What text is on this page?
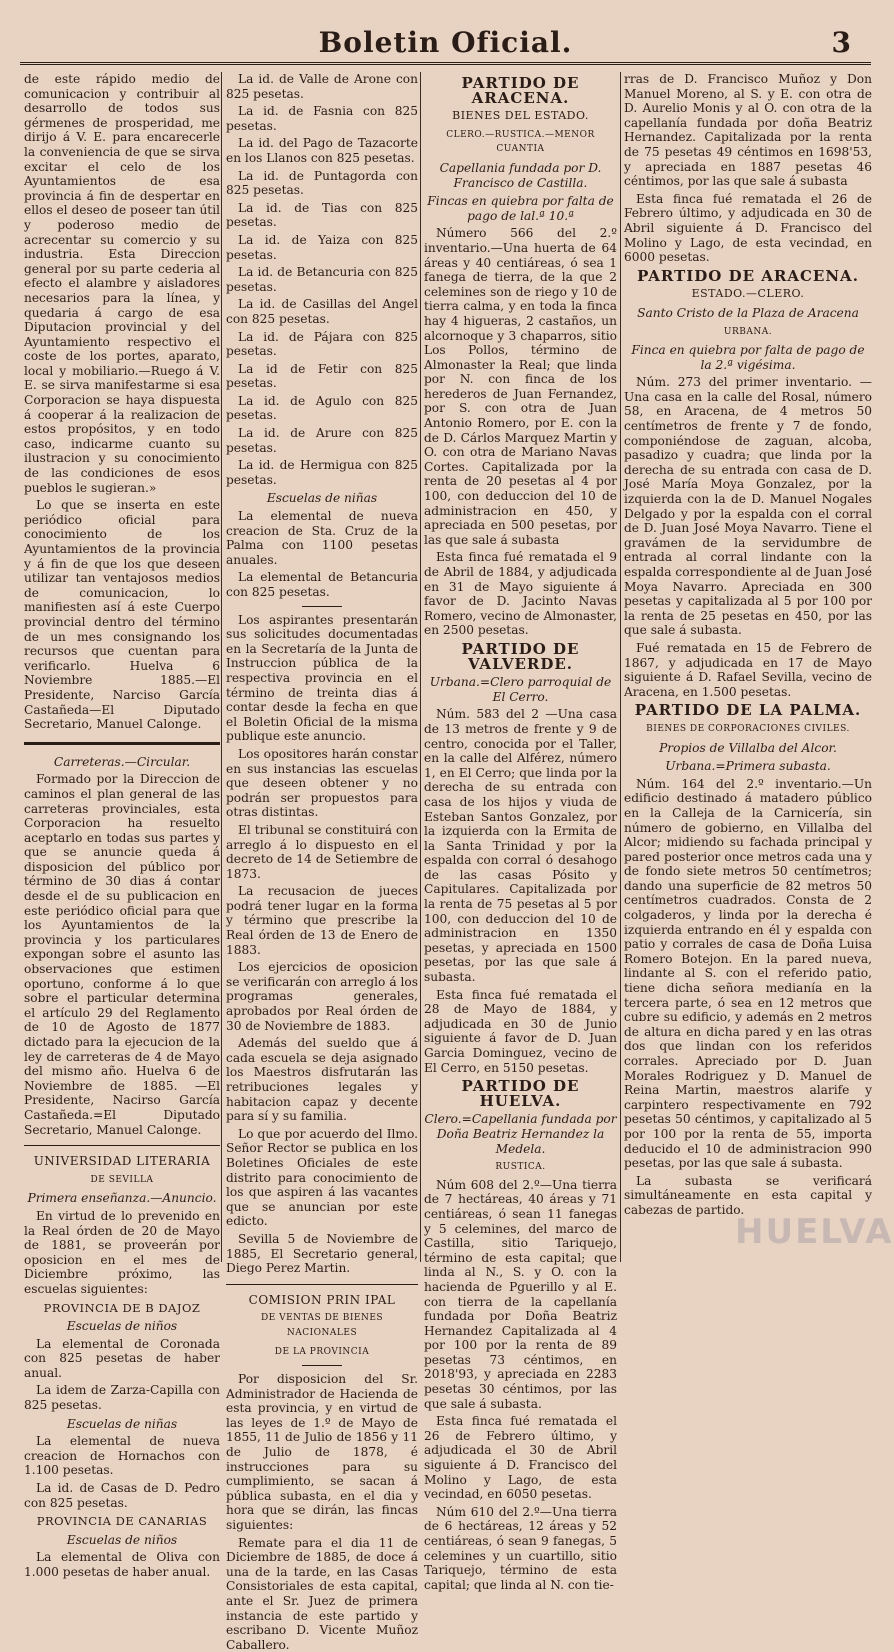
Boletin Oficial.	3

de este rápido medio de comunicacion y contribuir al desarrollo de todos sus gérmenes de prosperidad, me dirijo á V. E. para encarecerle la conveniencia de que se sirva excitar el celo de los Ayuntamientos de esa provincia á fin de despertar en ellos el deseo de poseer tan útil y poderoso medio de acrecentar su comercio y su industria. Esta Direccion general por su parte cederia al efecto el alambre y aisladores necesarios para la línea, y quedaria á cargo de esa Diputacion provincial y del Ayuntamiento respectivo el coste de los portes, aparato, local y mobiliario.—Ruego á V. E. se sirva manifestarme si esa Corporacion se haya dispuesta á cooperar á la realizacion de estos propósitos, y en todo caso, indicarme cuanto su ilustracion y su conocimiento de las condiciones de esos pueblos le sugieran.»

Lo que se inserta en este periódico oficial para conocimiento de los Ayuntamientos de la provincia y á fin de que los que deseen utilizar tan ventajosos medios de comunicacion, lo manifiesten así á este Cuerpo provincial dentro del término de un mes consignando los recursos que cuentan para verificarlo. Huelva 6 Noviembre 1885.—El Presidente, Narciso García Castañeda—El Diputado Secretario, Manuel Calonge.

Carreteras.—Circular.

Formado por la Direccion de caminos el plan general de las carreteras provinciales, esta Corporacion ha resuelto aceptarlo en todas sus partes y que se anuncie queda á disposicion del público por término de 30 dias á contar desde el de su publicacion en este periódico oficial para que los Ayuntamientos de la provincia y los particulares expongan sobre el asunto las observaciones que estimen oportuno, conforme á lo que sobre el particular determina el artículo 29 del Reglamento de 10 de Agosto de 1877 dictado para la ejecucion de la ley de carreteras de 4 de Mayo del mismo año. Huelva 6 de Noviembre de 1885. —El Presidente, Nacirso García Castañeda.=El Diputado Secretario, Manuel Calonge.

UNIVERSIDAD LITERARIA
DE SEVILLA
Primera enseñanza.—Anuncio.

En virtud de lo prevenido en la Real órden de 20 de Mayo de 1881, se proveerán por oposicion en el mes de Diciembre próximo, las escuelas siguientes:

PROVINCIA DE B DAJOZ
Escuelas de niños

La elemental de Coronada con 825 pesetas de haber anual.

La idem de Zarza-Capilla con 825 pesetas.

Escuelas de niñas

La elemental de nueva creacion de Hornachos con 1.100 pesetas.

La id. de Casas de D. Pedro con 825 pesetas.

PROVINCIA DE CANARIAS
Escuelas de niños

La elemental de Oliva con 1.000 pesetas de haber anual.

La id. de Valle de Arone con 825 pesetas.

La id. de Fasnia con 825 pesetas.

La id. del Pago de Tazacorte en los Llanos con 825 pesetas.

La id. de Puntagorda con 825 pesetas.

La id. de Tias con 825 pesetas.

La id. de Yaiza con 825 pesetas.

La id. de Betancuria con 825 pesetas.

La id. de Casillas del Angel con 825 pesetas.

La id. de Pájara con 825 pesetas.

La id de Fetir con 825 pesetas.

La id. de Agulo con 825 pesetas.

La id. de Arure con 825 pesetas.

La id. de Hermigua con 825 pesetas.

Escuelas de niñas

La elemental de nueva creacion de Sta. Cruz de la Palma con 1100 pesetas anuales.

La elemental de Betancuria con 825 pesetas.

Los aspirantes presentarán sus solicitudes documentadas en la Secretaría de la Junta de Instruccion pública de la respectiva provincia en el término de treinta dias á contar desde la fecha en que el Boletin Oficial de la misma publique este anuncio.

Los opositores harán constar en sus instancias las escuelas que deseen obtener y no podrán ser propuestos para otras distintas.

El tribunal se constituirá con arreglo á lo dispuesto en el decreto de 14 de Setiembre de 1873.

La recusacion de jueces podrá tener lugar en la forma y término que prescribe la Real órden de 13 de Enero de 1883.

Los ejercicios de oposicion se verificarán con arreglo á los programas generales, aprobados por Real órden de 30 de Noviembre de 1883.

Además del sueldo que á cada escuela se deja asignado los Maestros disfrutarán las retribuciones legales y habitacion capaz y decente para sí y su familia.

Lo que por acuerdo del Ilmo. Señor Rector se publica en los Boletines Oficiales de este distrito para conocimiento de los que aspiren á las vacantes que se anuncian por este edicto.

Sevilla 5 de Noviembre de 1885, El Secretario general, Diego Perez Martin.

COMISION PRIN IPAL
DE VENTAS DE BIENES NACIONALES
DE LA PROVINCIA

Por disposicion del Sr. Administrador de Hacienda de esta provincia, y en virtud de las leyes de 1.º de Mayo de 1855, 11 de Julio de 1856 y 11 de Julio de 1878, é instrucciones para su cumplimiento, se sacan á pública subasta, en el dia y hora que se dirán, las fincas siguientes:

Remate para el dia 11 de Diciembre de 1885, de doce á una de la tarde, en las Casas Consistoriales de esta capital, ante el Sr. Juez de primera instancia de este partido y escribano D. Vicente Muñoz Caballero.

PARTIDO DE ARACENA.
BIENES DEL ESTADO.
CLERO.—RUSTICA.—MENOR CUANTIA
Capellania fundada por D. Francisco de Castilla.
Fincas en quiebra por falta de pago de lal.ª 10.ª

Número 566 del 2.º inventario.—Una huerta de 64 áreas y 40 centiáreas, ó sea 1 fanega de tierra, de la que 2 celemines son de riego y 10 de tierra calma, y en toda la finca hay 4 higueras, 2 castaños, un alcornoque y 3 chaparros, sitio Los Pollos, término de Almonaster la Real; que linda por N. con finca de los herederos de Juan Fernandez, por S. con otra de Juan Antonio Romero, por E. con la de D. Cárlos Marquez Martin y O. con otra de Mariano Navas Cortes. Capitalizada por la renta de 20 pesetas al 4 por 100, con deduccion del 10 de administracion en 450, y apreciada en 500 pesetas, por las que sale á subasta

Esta finca fué rematada el 9 de Abril de 1884, y adjudicada en 31 de Mayo siguiente á favor de D. Jacinto Navas Romero, vecino de Almonaster, en 2500 pesetas.

PARTIDO DE VALVERDE.
Urbana.=Clero parroquial de El Cerro.

Núm. 583 del 2 —Una casa de 13 metros de frente y 9 de centro, conocida por el Taller, en la calle del Alférez, número 1, en El Cerro; que linda por la derecha de su entrada con casa de los hijos y viuda de Esteban Santos Gonzalez, por la izquierda con la Ermita de la Santa Trinidad y por la espalda con corral ó desahogo de las casas Pósito y Capitulares. Capitalizada por la renta de 75 pesetas al 5 por 100, con deduccion del 10 de administracion en 1350 pesetas, y apreciada en 1500 pesetas, por las que sale á subasta.

Esta finca fué rematada el 28 de Mayo de 1884, y adjudicada en 30 de Junio siguiente á favor de D. Juan Garcia Dominguez, vecino de El Cerro, en 5150 pesetas.

PARTIDO DE HUELVA.
Clero.=Capellania fundada por Doña Beatriz Hernandez la Medela.
RUSTICA.

Núm 608 del 2.º—Una tierra de 7 hectáreas, 40 áreas y 71 centiáreas, ó sean 11 fanegas y 5 celemines, del marco de Castilla, sitio Tariquejo, término de esta capital; que linda al N., S. y O. con la hacienda de Pguerillo y al E. con tierra de la capellanía fundada por Doña Beatriz Hernandez Capitalizada al 4 por 100 por la renta de 89 pesetas 73 céntimos, en 2018'93, y apreciada en 2283 pesetas 30 céntimos, por las que sale á subasta.

Esta finca fué rematada el 26 de Febrero último, y adjudicada el 30 de Abril siguiente á D. Francisco del Molino y Lago, de esta vecindad, en 6050 pesetas.

Núm 610 del 2.º—Una tierra de 6 hectáreas, 12 áreas y 52 centiáreas, ó sean 9 fanegas, 5 celemines y un cuartillo, sitio Tariquejo, término de esta capital; que linda al N. con tie-

rras de D. Francisco Muñoz y Don Manuel Moreno, al S. y E. con otra de D. Aurelio Monis y al O. con otra de la capellanía fundada por doña Beatriz Hernandez. Capitalizada por la renta de 75 pesetas 49 céntimos en 1698'53, y apreciada en 1887 pesetas 46 céntimos, por las que sale á subasta

Esta finca fué rematada el 26 de Febrero último, y adjudicada en 30 de Abril siguiente á D. Francisco del Molino y Lago, de esta vecindad, en 6000 pesetas.

PARTIDO DE ARACENA.
ESTADO.—CLERO.
Santo Cristo de la Plaza de Aracena
URBANA.
Finca en quiebra por falta de pago de la 2.ª vigésima.

Núm. 273 del primer inventario. —Una casa en la calle del Rosal, número 58, en Aracena, de 4 metros 50 centímetros de frente y 7 de fondo, componiéndose de zaguan, alcoba, pasadizo y cuadra; que linda por la derecha de su entrada con casa de D. José María Moya Gonzalez, por la izquierda con la de D. Manuel Nogales Delgado y por la espalda con el corral de D. Juan José Moya Navarro. Tiene el gravámen de la servidumbre de entrada al corral lindante con la espalda correspondiente al de Juan José Moya Navarro. Apreciada en 300 pesetas y capitalizada al 5 por 100 por la renta de 25 pesetas en 450, por las que sale á subasta.

Fué rematada en 15 de Febrero de 1867, y adjudicada en 17 de Mayo siguiente á D. Rafael Sevilla, vecino de Aracena, en 1.500 pesetas.

PARTIDO DE LA PALMA.
BIENES DE CORPORACIONES CIVILES.
Propios de Villalba del Alcor.
Urbana.=Primera subasta.

Núm. 164 del 2.º inventario.—Un edificio destinado á matadero público en la Calleja de la Carnicería, sin número de gobierno, en Villalba del Alcor; midiendo su fachada principal y pared posterior once metros cada una y de fondo siete metros 50 centímetros; dando una superficie de 82 metros 50 centímetros cuadrados. Consta de 2 colgaderos, y linda por la derecha é izquierda entrando en él y espalda con patio y corrales de casa de Doña Luisa Romero Botejon. En la pared nueva, lindante al S. con el referido patio, tiene dicha señora medianía en la tercera parte, ó sea en 12 metros que cubre su edificio, y además en 2 metros de altura en dicha pared y en las otras dos que lindan con los referidos corrales. Apreciado por D. Juan Morales Rodriguez y D. Manuel de Reina Martin, maestros alarife y carpintero respectivamente en 792 pesetas 50 céntimos, y capitalizado al 5 por 100 por la renta de 55, importa deducido el 10 de administracion 990 pesetas, por las que sale á subasta.

La subasta se verificará simultáneamente en esta capital y cabezas de partido.

HUELVA
